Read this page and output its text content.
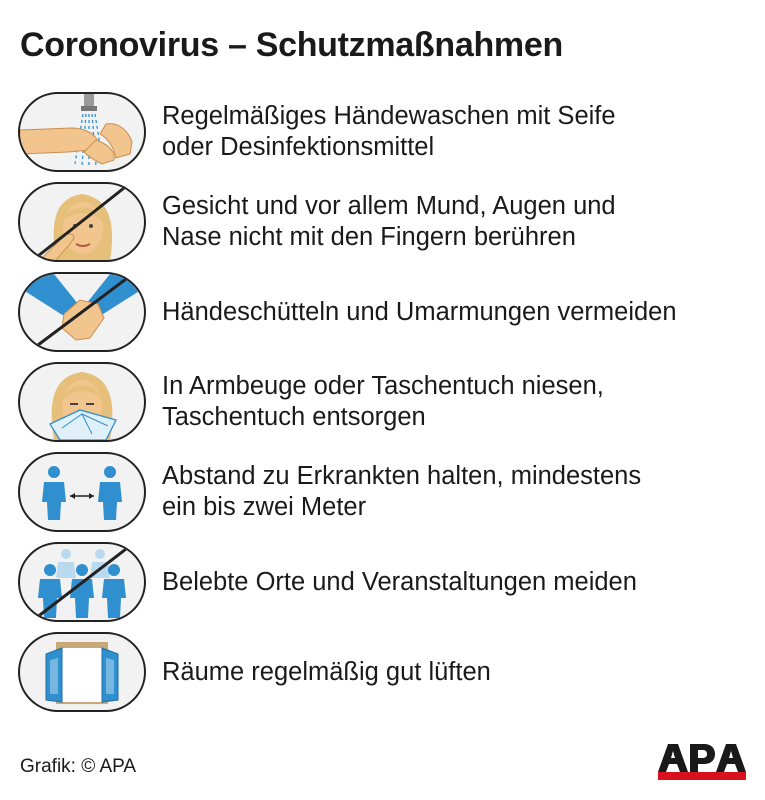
Coronovirus – Schutzmaßnahmen
Regelmäßiges Händewaschen mit Seife
oder Desinfektionsmittel
Gesicht und vor allem Mund, Augen und
Nase nicht mit den Fingern berühren
Händeschütteln und Umarmungen vermeiden
In Armbeuge oder Taschentuch niesen,
Taschentuch entsorgen
Abstand zu Erkrankten halten, mindestens
ein bis zwei Meter
Belebte Orte und Veranstaltungen meiden
Räume regelmäßig gut lüften
Grafik: © APA
